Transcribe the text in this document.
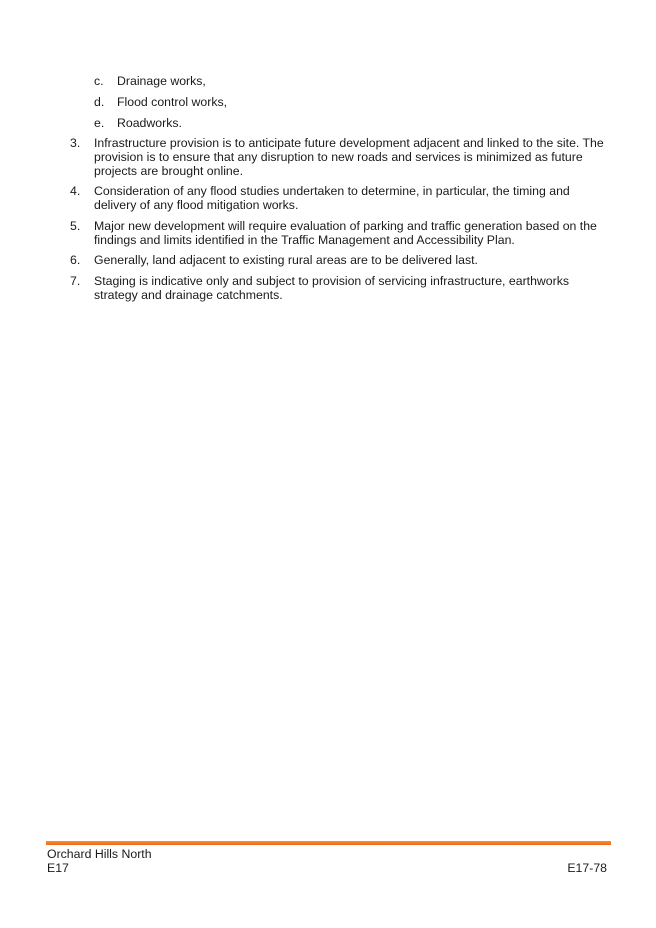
c. Drainage works,
d. Flood control works,
e. Roadworks.
3. Infrastructure provision is to anticipate future development adjacent and linked to the site. The provision is to ensure that any disruption to new roads and services is minimized as future projects are brought online.
4. Consideration of any flood studies undertaken to determine, in particular, the timing and delivery of any flood mitigation works.
5. Major new development will require evaluation of parking and traffic generation based on the findings and limits identified in the Traffic Management and Accessibility Plan.
6. Generally, land adjacent to existing rural areas are to be delivered last.
7. Staging is indicative only and subject to provision of servicing infrastructure, earthworks strategy and drainage catchments.
Orchard Hills North
E17	E17-78
